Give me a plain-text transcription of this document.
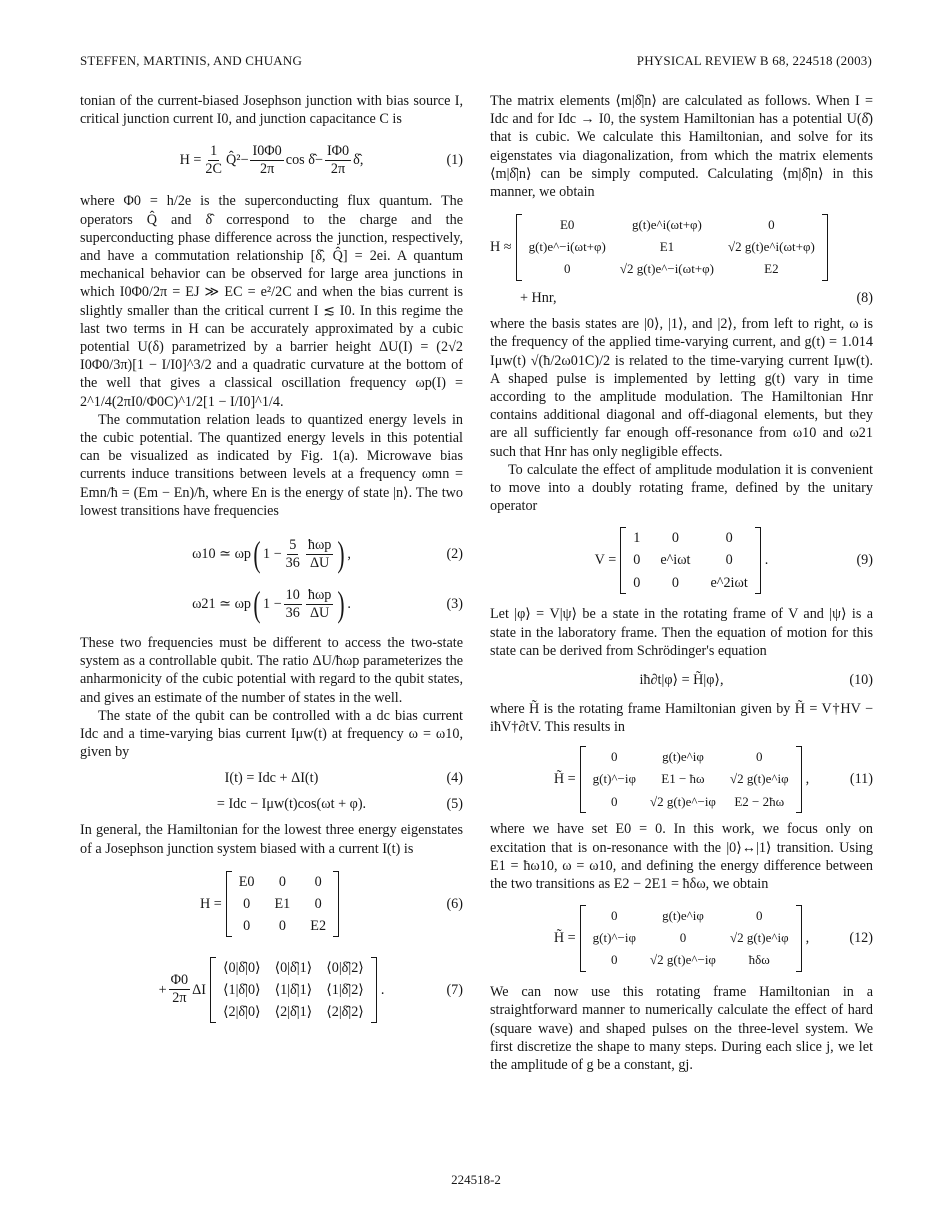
STEFFEN, MARTINIS, AND CHUANG	PHYSICAL REVIEW B 68, 224518 (2003)

tonian of the current-biased Josephson junction with bias source I, critical junction current I0, and junction capacitance C is

$H = \frac{1}{2C}$ Q̂²− $\frac{I0\Phi 0}{2\pi}$ cos δ̂− $\frac{I\Phi 0}{2\pi}$ δ̂,	(1)

where Φ0 = h/2e is the superconducting flux quantum. The operators Q̂ and δ̂ correspond to the charge and the superconducting phase difference across the junction, respectively, and have a commutation relationship [δ̂, Q̂] = 2ei. A quantum mechanical behavior can be observed for large area junctions in which I0Φ0/2π = EJ ≫ EC = e²/2C and when the bias current is slightly smaller than the critical current I ≲ I0. In this regime the last two terms in H can be accurately approximated by a cubic potential U(δ) parametrized by a barrier height ΔU(I) = (2√2 I0Φ0/3π)[1 − I/I0]^3/2 and a quadratic curvature at the bottom of the well that gives a classical oscillation frequency ωp(I) = 2^1/4(2πI0/Φ0C)^1/2[1 − I/I0]^1/4.

The commutation relation leads to quantized energy levels in the cubic potential. The quantized energy levels in this potential can be visualized as indicated by Fig. 1(a). Microwave bias currents induce transitions between levels at a frequency ωmn = Emn/ħ = (Em − En)/ħ, where En is the energy of state |n⟩. The two lowest transitions have frequencies

ω10 ≃ ωp ( $1 - \frac{5}{36} \frac{\text{ħωp}}{\Delta U}$ ) ,	(2)
ω21 ≃ ωp ( $1 - \frac{10}{36} \frac{\text{ħωp}}{\Delta U}$ ) .	(3)

These two frequencies must be different to access the two-state system as a controllable qubit. The ratio ΔU/ħωp parameterizes the anharmonicity of the cubic potential with regard to the qubit states, and gives an estimate of the number of states in the well.

The state of the qubit can be controlled with a dc bias current Idc and a time-varying bias current Iμw(t) at frequency ω = ω10, given by

I(t) = Idc + ΔI(t)	(4)
= Idc − Iμw(t)cos(ωt + φ).	(5)

In general, the Hamiltonian for the lowest three energy eigenstates of a Josephson junction system biased with a current I(t) is

H =
E0	0	0
0	E1	0
0	0	E2
(6)
+ $\frac{\Phi 0}{2\pi}$ ΔI
⟨0|δ̂|0⟩ ⟨0|δ̂|1⟩ ⟨0|δ̂|2⟩
⟨1|δ̂|0⟩ ⟨1|δ̂|1⟩ ⟨1|δ̂|2⟩
⟨2|δ̂|0⟩ ⟨2|δ̂|1⟩ ⟨2|δ̂|2⟩
.	(7)

The matrix elements ⟨m|δ̂|n⟩ are calculated as follows. When I = Idc and for Idc → I0, the system Hamiltonian has a potential U(δ̂) that is cubic. We calculate this Hamiltonian, and solve for its eigenstates via diagonalization, from which the matrix elements ⟨m|δ̂|n⟩ can be simply computed. Calculating ⟨m|δ̂|n⟩ in this manner, we obtain

H ≈
E0	g(t)e^i(ωt+φ)	0
g(t)e^−i(ωt+φ)	E1	√2 g(t)e^i(ωt+φ)
0	√2 g(t)e^−i(ωt+φ)	E2
+ Hnr,	(8)

where the basis states are |0⟩, |1⟩, and |2⟩, from left to right, ω is the frequency of the applied time-varying current, and g(t) = 1.014 Iμw(t) √(ħ/2ω01C)/2 is related to the time-varying current Iμw(t). A shaped pulse is implemented by letting g(t) vary in time according to the amplitude modulation. The Hamiltonian Hnr contains additional diagonal and off-diagonal elements, but they are all sufficiently far enough off-resonance from ω10 and ω21 such that Hnr has only negligible effects.

To calculate the effect of amplitude modulation it is convenient to move into a doubly rotating frame, defined by the unitary operator

V =
1	0	0
0 e^iωt	0
0	0	e^2iωt
.	(9)

Let |φ⟩ = V|ψ⟩ be a state in the rotating frame of V and |ψ⟩ is a state in the laboratory frame. Then the equation of motion for this state can be derived from Schrödinger's equation

iħ∂t|φ⟩ = H̃|φ⟩,	(10)

where H̃ is the rotating frame Hamiltonian given by H̃ = V†HV − iħV†∂tV. This results in

H̃ =
0	g(t)e^iφ	0
g(t)^−iφ	E1 − ħω	√2 g(t)e^iφ
0	√2 g(t)e^−iφ	E2 − 2ħω
,	(11)

where we have set E0 = 0. In this work, we focus only on excitation that is on-resonance with the |0⟩↔|1⟩ transition. Using E1 = ħω10, ω = ω10, and defining the energy difference between the two transitions as E2 − 2E1 = ħδω, we obtain

H̃ =
0	g(t)e^iφ	0
g(t)^−iφ	0	√2 g(t)e^iφ
0	√2 g(t)e^−iφ	ħδω
,	(12)

We can now use this rotating frame Hamiltonian in a straightforward manner to numerically calculate the effect of hard (square wave) and shaped pulses on the three-level system. We first discretize the shape to many steps. During each slice j, we let the amplitude of g be a constant, gj.

224518-2
